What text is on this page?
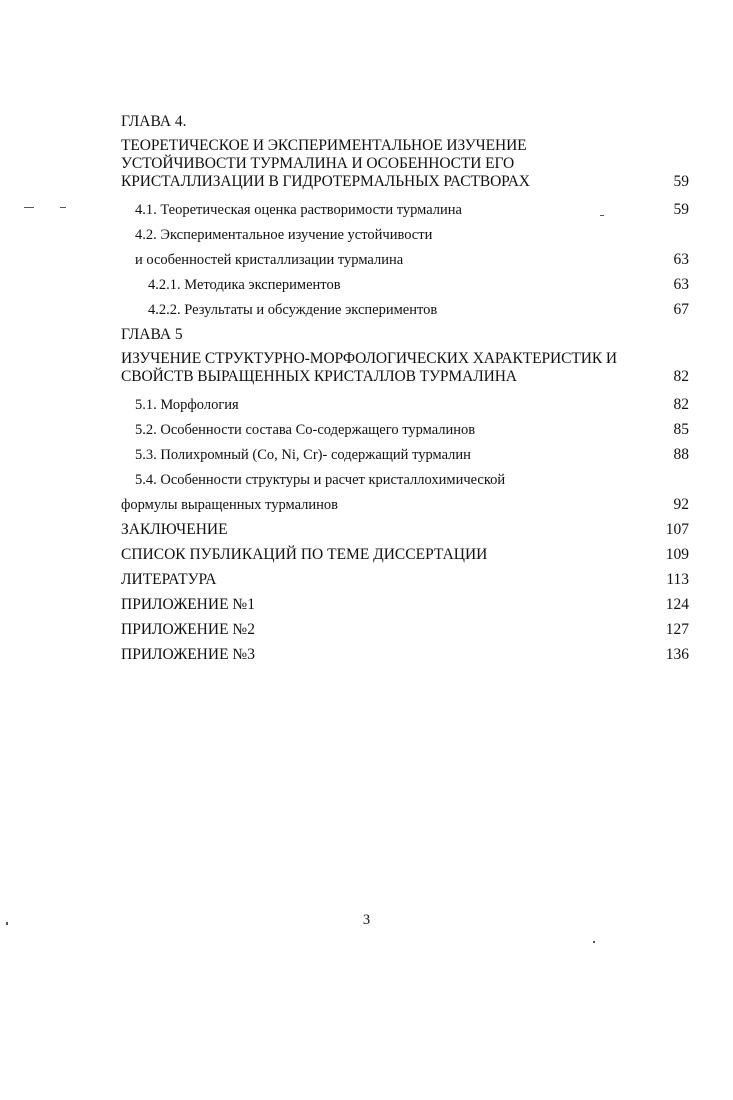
ГЛАВА 4.
ТЕОРЕТИЧЕСКОЕ И ЭКСПЕРИМЕНТАЛЬНОЕ ИЗУЧЕНИЕ
УСТОЙЧИВОСТИ ТУРМАЛИНА И ОСОБЕННОСТИ ЕГО
КРИСТАЛЛИЗАЦИИ В ГИДРОТЕРМАЛЬНЫХ РАСТВОРАХ	59
4.1. Теоретическая оценка растворимости турмалина	59
4.2. Экспериментальное изучение устойчивости
и особенностей кристаллизации турмалина	63
4.2.1. Методика экспериментов	63
4.2.2. Результаты и обсуждение экспериментов	67
ГЛАВА 5
ИЗУЧЕНИЕ СТРУКТУРНО-МОРФОЛОГИЧЕСКИХ ХАРАКТЕРИСТИК И
СВОЙСТВ ВЫРАЩЕННЫХ КРИСТАЛЛОВ ТУРМАЛИНА	82
5.1. Морфология	82
5.2. Особенности состава Со-содержащего турмалинов	85
5.3. Полихромный (Co, Ni, Cr)- содержащий турмалин	88
5.4. Особенности структуры и расчет кристаллохимической
формулы выращенных турмалинов	92
ЗАКЛЮЧЕНИЕ	107
СПИСОК ПУБЛИКАЦИЙ ПО ТЕМЕ ДИССЕРТАЦИИ	109
ЛИТЕРАТУРА	113
ПРИЛОЖЕНИЕ №1	124
ПРИЛОЖЕНИЕ №2	127
ПРИЛОЖЕНИЕ №3	136
3
